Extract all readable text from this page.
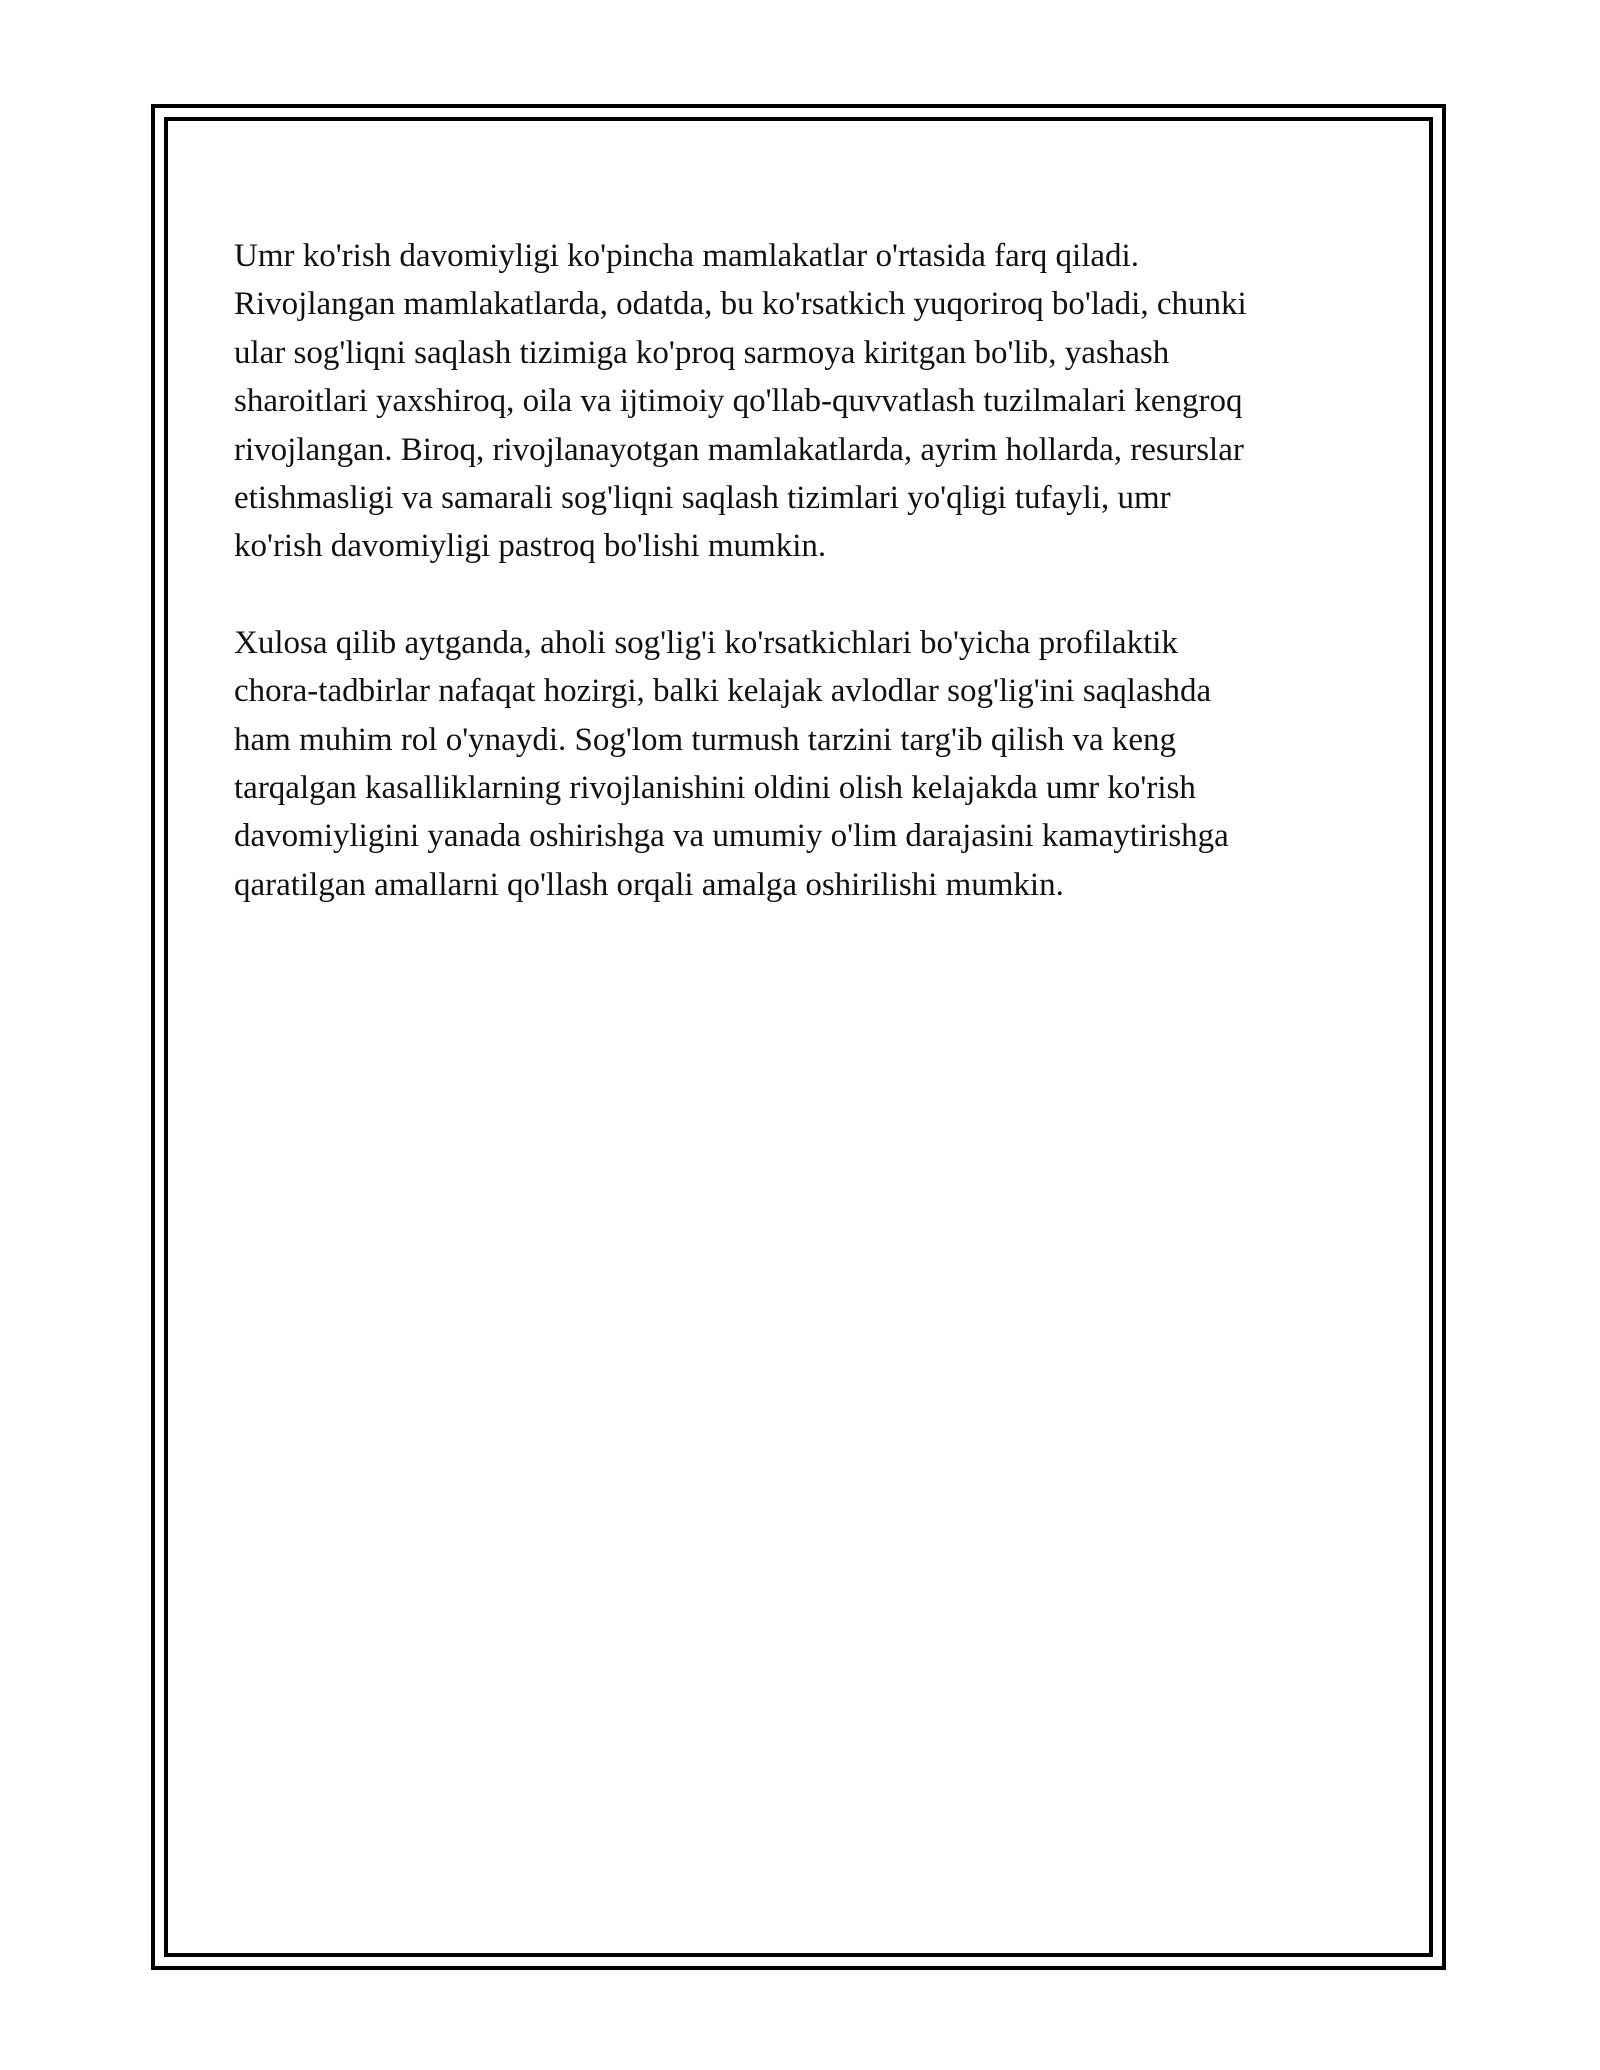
Umr ko'rish davomiyligi ko'pincha mamlakatlar o'rtasida farq qiladi.
Rivojlangan mamlakatlarda, odatda, bu ko'rsatkich yuqoriroq bo'ladi, chunki
ular sog'liqni saqlash tizimiga ko'proq sarmoya kiritgan bo'lib, yashash
sharoitlari yaxshiroq, oila va ijtimoiy qo'llab-quvvatlash tuzilmalari kengroq
rivojlangan. Biroq, rivojlanayotgan mamlakatlarda, ayrim hollarda, resurslar
etishmasligi va samarali sog'liqni saqlash tizimlari yo'qligi tufayli, umr
ko'rish davomiyligi pastroq bo'lishi mumkin.

Xulosa qilib aytganda, aholi sog'lig'i ko'rsatkichlari bo'yicha profilaktik
chora-tadbirlar nafaqat hozirgi, balki kelajak avlodlar sog'lig'ini saqlashda
ham muhim rol o'ynaydi. Sog'lom turmush tarzini targ'ib qilish va keng
tarqalgan kasalliklarning rivojlanishini oldini olish kelajakda umr ko'rish
davomiyligini yanada oshirishga va umumiy o'lim darajasini kamaytirishga
qaratilgan amallarni qo'llash orqali amalga oshirilishi mumkin.
